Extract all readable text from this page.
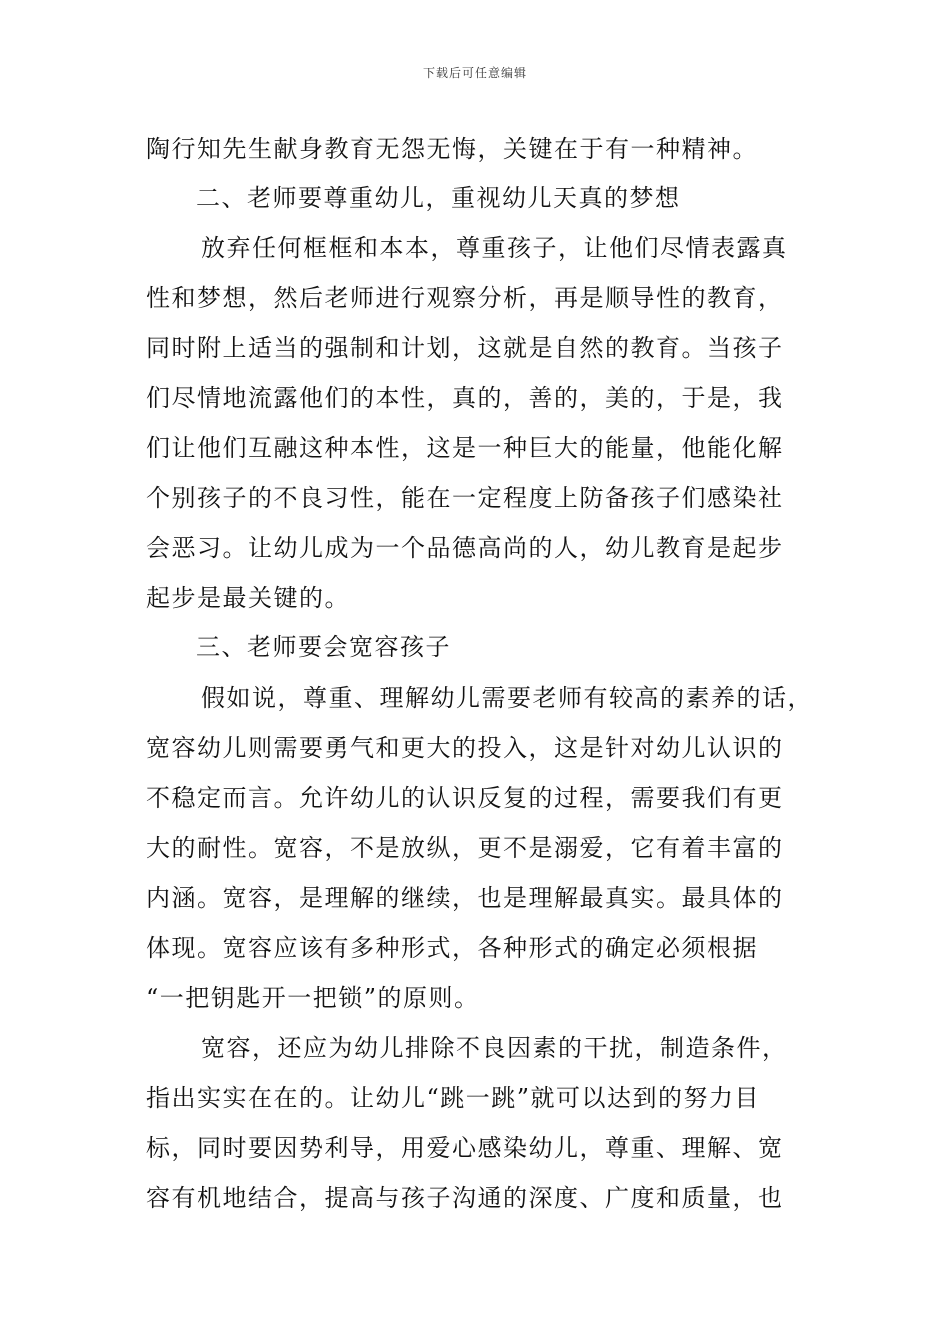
下载后可任意编辑
陶行知先生献身教育无怨无悔，关键在于有一种精神。
二、老师要尊重幼儿，重视幼儿天真的梦想
放弃任何框框和本本，尊重孩子，让他们尽情表露真
性和梦想，然后老师进行观察分析，再是顺导性的教育，
同时附上适当的强制和计划，这就是自然的教育。当孩子
们尽情地流露他们的本性，真的，善的，美的，于是，我
们让他们互融这种本性，这是一种巨大的能量，他能化解
个别孩子的不良习性，能在一定程度上防备孩子们感染社
会恶习。让幼儿成为一个品德高尚的人，幼儿教育是起步
起步是最关键的。
三、老师要会宽容孩子
假如说，尊重、理解幼儿需要老师有较高的素养的话，
宽容幼儿则需要勇气和更大的投入，这是针对幼儿认识的
不稳定而言。允许幼儿的认识反复的过程，需要我们有更
大的耐性。宽容，不是放纵，更不是溺爱，它有着丰富的
内涵。宽容，是理解的继续，也是理解最真实。最具体的
体现。宽容应该有多种形式，各种形式的确定必须根据
“一把钥匙开一把锁”的原则。
宽容，还应为幼儿排除不良因素的干扰，制造条件，
指出实实在在的。让幼儿“跳一跳”就可以达到的努力目
标，同时要因势利导，用爱心感染幼儿，尊重、理解、宽
容有机地结合，提高与孩子沟通的深度、广度和质量，也
